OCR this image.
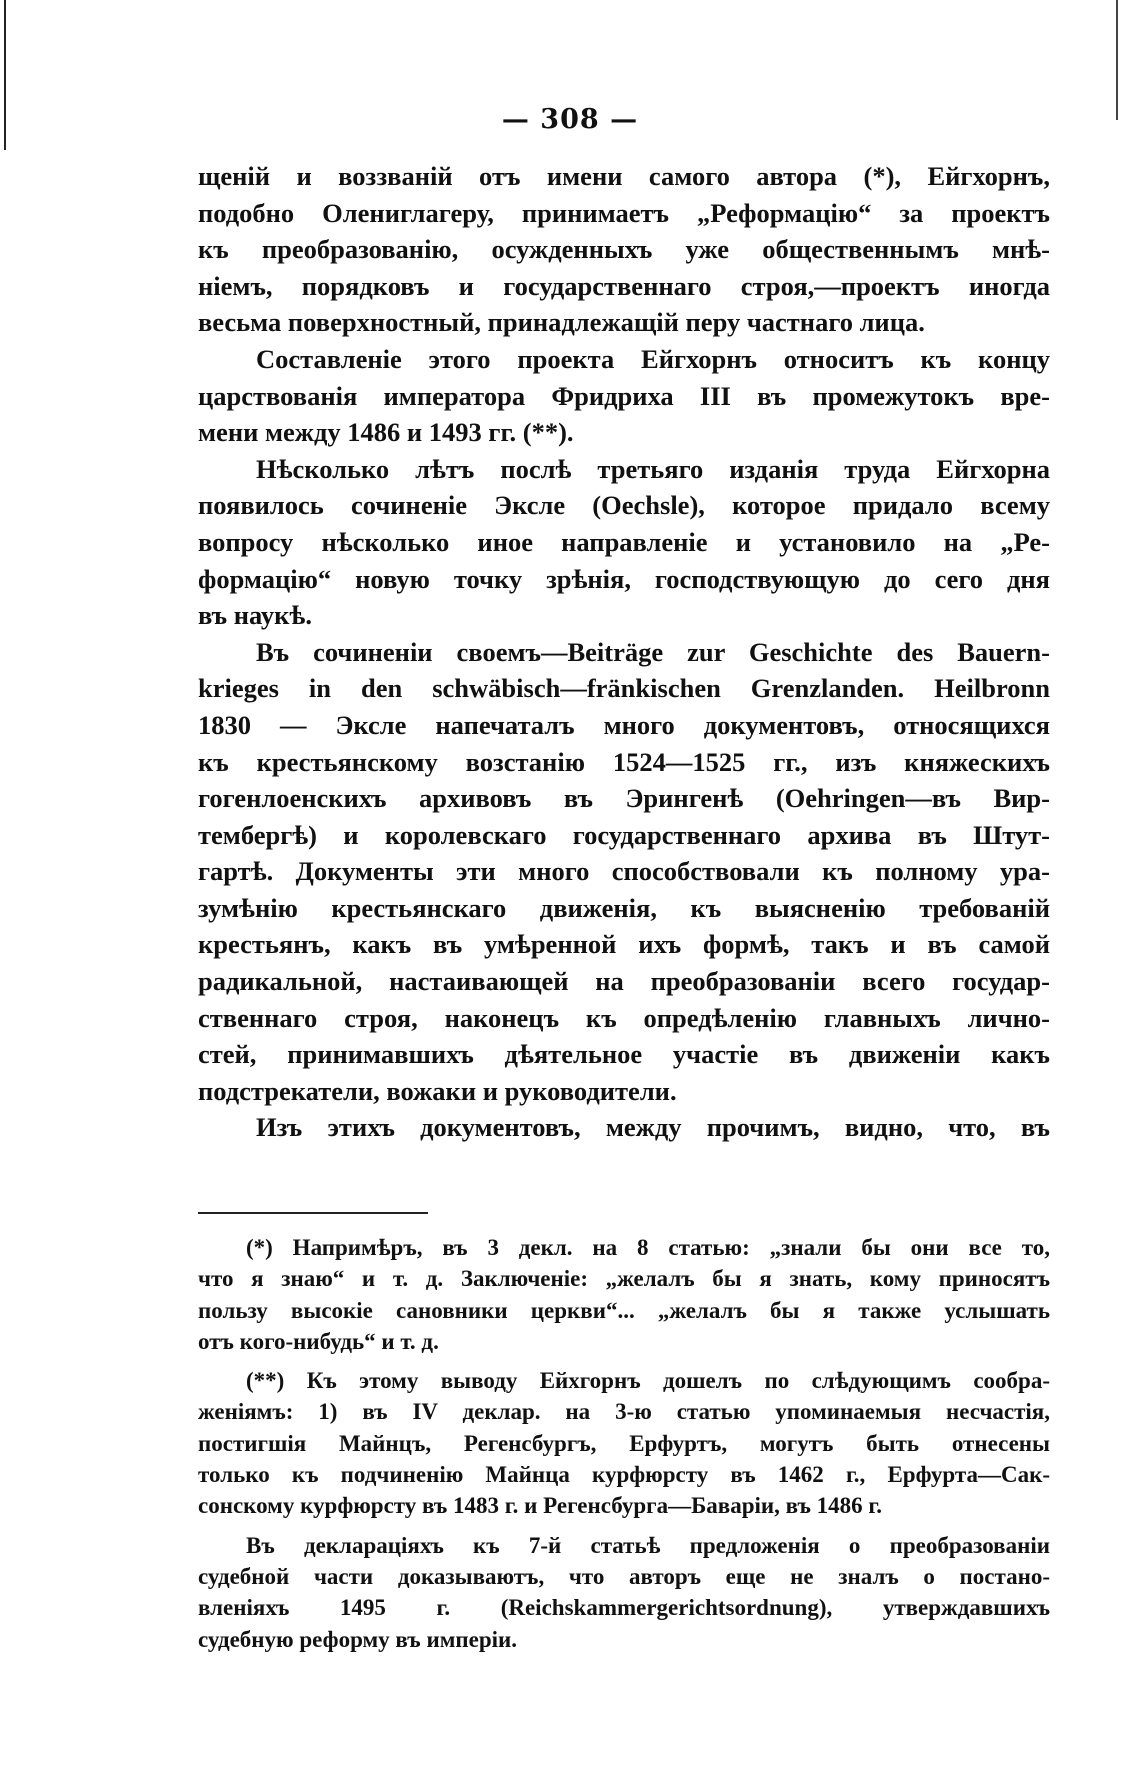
— 308 —
щеній и воззваній отъ имени самого автора (*), Ейгхорнъ,
подобно Олениглагеру, принимаетъ „Реформацію“ за проектъ
къ преобразованію, осужденныхъ уже общественнымъ мнѣ-
ніемъ, порядковъ и государственнаго строя,—проектъ иногда
весьма поверхностный, принадлежащій перу частнаго лица.
Составленіе этого проекта Ейгхорнъ относитъ къ концу
царствованія императора Фридриха III въ промежутокъ вре-
мени между 1486 и 1493 гг. (**).
Нѣсколько лѣтъ послѣ третьяго изданія труда Ейгхорна
появилось сочиненіе Эксле (Oechsle), которое придало всему
вопросу нѣсколько иное направленіе и установило на „Ре-
формацію“ новую точку зрѣнія, господствующую до сего дня
въ наукѣ.
Въ сочиненіи своемъ—Beiträge zur Geschichte des Bauern-
krieges in den schwäbisch—fränkischen Grenzlanden. Heilbronn
1830 — Эксле напечаталъ много документовъ, относящихся
къ крестьянскому возстанію 1524—1525 гг., изъ княжескихъ
гогенлоенскихъ архивовъ въ Эрингенѣ (Oehringen—въ Вир-
тембергѣ) и королевскаго государственнаго архива въ Штут-
гартѣ. Документы эти много способствовали къ полному ура-
зумѣнію крестьянскаго движенія, къ выясненію требованій
крестьянъ, какъ въ умѣренной ихъ формѣ, такъ и въ самой
радикальной, настаивающей на преобразованіи всего государ-
ственнаго строя, наконецъ къ опредѣленію главныхъ лично-
стей, принимавшихъ дѣятельное участіе въ движеніи какъ
подстрекатели, вожаки и руководители.
Изъ этихъ документовъ, между прочимъ, видно, что, въ
(*) Напримѣръ, въ 3 декл. на 8 статью: „знали бы они все то,
что я знаю“ и т. д. Заключеніе: „желалъ бы я знать, кому приносятъ
пользу высокіе сановники церкви“... „желалъ бы я также услышать
отъ кого-нибудь“ и т. д.
(**) Къ этому выводу Ейхгорнъ дошелъ по слѣдующимъ сообра-
женіямъ: 1) въ IV деклар. на 3-ю статью упоминаемыя несчастія,
постигшія Майнцъ, Регенсбургъ, Ерфуртъ, могутъ быть отнесены
только къ подчиненію Майнца курфюрсту въ 1462 г., Ерфурта—Сак-
сонскому курфюрсту въ 1483 г. и Регенсбурга—Баваріи, въ 1486 г.
Въ декларацiяхъ къ 7-й статьѣ предложенія о преобразованіи
судебной части доказываютъ, что авторъ еще не зналъ о постано-
вленіяхъ 1495 г. (Reichskammergerichtsordnung), утверждавшихъ
судебную реформу въ имперіи.
